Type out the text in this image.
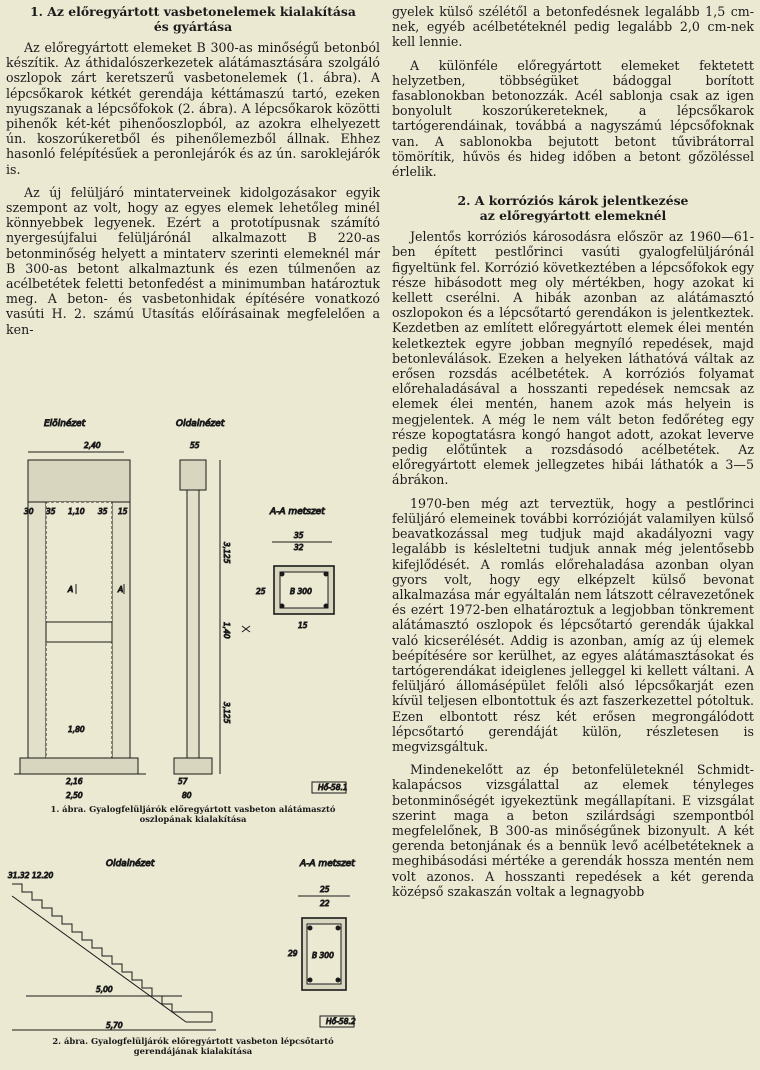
1. Az előregyártott vasbetonelemek kialakítása
és gyártása

Az előregyártott elemeket B 300-as minőségű betonból készítik. Az áthidalószerkezetek alátámasztására szolgáló oszlopok zárt keretszerű vasbetonelemek (1. ábra). A lépcsőkarok kétkét gerendája kéttámaszú tartó, ezeken nyugszanak a lépcsőfokok (2. ábra). A lépcsőkarok közötti pihenők két-két pihenőoszlopból, az azokra elhelyezett ún. koszorúkeretből és pihenőlemezből állnak. Ehhez hasonló felépítésűek a peronlejárók és az ún. saroklejárók is.

Az új felüljáró mintaterveinek kidolgozásakor egyik szempont az volt, hogy az egyes elemek lehetőleg minél könnyebbek legyenek. Ezért a prototípusnak számító nyergesújfalui felüljárónál alkalmazott B 220-as betonminőség helyett a mintaterv szerinti elemeknél már B 300-as betont alkalmaztunk és ezen túlmenően az acélbetétek feletti betonfedést a minimumban határoztuk meg. A beton- és vasbetonhidak építésére vonatkozó vasúti H. 2. számú Utasítás előírásainak megfelelően a ken-

Elölnézet
2,40
30 35 1,10 35 15
1,80
2,16
2,50
A	A
Oldalnézet
55
3,125
1,40
3,125
57
80
A-A metszet
35
32
B 300
25
15
Hő-58.1
1. ábra. Gyalogfelüljárók előregyártott vasbeton alátámasztó
oszlopának kialakítása
Oldalnézet
31.32 12.20
5,00
5,70
A-A metszet
25
22
B 300
29
Hő-58.2
2. ábra. Gyalogfelüljárók előregyártott vasbeton lépcsőtartó
gerendájának kialakítása

gyelek külső szélétől a betonfedésnek legalább 1,5 cm-nek, egyéb acélbetéteknél pedig legalább 2,0 cm-nek kell lennie.

A különféle előregyártott elemeket fektetett helyzetben, többségüket bádoggal borított fasablonokban betonozzák. Acél sablonja csak az igen bonyolult koszorúkereteknek, a lépcsőkarok tartógerendáinak, továbbá a nagyszámú lépcsőfoknak van. A sablonokba bejutott betont tűvibrátorral tömörítik, hűvös és hideg időben a betont gőzöléssel érlelik.

2. A korróziós károk jelentkezése
az előregyártott elemeknél

Jelentős korróziós károsodásra először az 1960—61-ben épített pestlőrinci vasúti gyalogfelüljárónál figyeltünk fel. Korrózió következtében a lépcsőfokok egy része hibásodott meg oly mértékben, hogy azokat ki kellett cserélni. A hibák azonban az alátámasztó oszlopokon és a lépcsőtartó gerendákon is jelentkeztek. Kezdetben az említett előregyártott elemek élei mentén keletkeztek egyre jobban megnyíló repedések, majd betonleválások. Ezeken a helyeken láthatóvá váltak az erősen rozsdás acélbetétek. A korróziós folyamat előrehaladásával a hosszanti repedések nemcsak az elemek élei mentén, hanem azok más helyein is megjelentek. A még le nem vált beton fedőréteg egy része kopogtatásra kongó hangot adott, azokat leverve pedig előtűntek a rozsdásodó acélbetétek. Az előregyártott elemek jellegzetes hibái láthatók a 3—5 ábrákon.

1970-ben még azt terveztük, hogy a pestlőrinci felüljáró elemeinek további korrózióját valamilyen külső beavatkozással meg tudjuk majd akadályozni vagy legalább is késleltetni tudjuk annak még jelentősebb kifejlődését. A romlás előrehaladása azonban olyan gyors volt, hogy egy elképzelt külső bevonat alkalmazása már egyáltalán nem látszott célravezetőnek és ezért 1972-ben elhatároztuk a legjobban tönkrement alátámasztó oszlopok és lépcsőtartó gerendák újakkal való kicserélését. Addig is azonban, amíg az új elemek beépítésére sor kerülhet, az egyes alátámasztásokat és tartógerendákat ideiglenes jelleggel ki kellett váltani. A felüljáró állomásépület felőli alsó lépcsőkarját ezen kívül teljesen elbontottuk és azt faszerkezettel pótoltuk. Ezen elbontott rész két erősen megrongálódott lépcsőtartó gerendáját külön, részletesen is megvizsgáltuk.

Mindenekelőtt az ép betonfelületeknél Schmidt-kalapácsos vizsgálattal az elemek tényleges betonminőségét igyekeztünk megállapítani. E vizsgálat szerint maga a beton szilárdsági szempontból megfelelőnek, B 300-as minőségűnek bizonyult. A két gerenda betonjának és a bennük levő acélbetéteknek a meghibásodási mértéke a gerendák hossza mentén nem volt azonos. A hosszanti repedések a két gerenda középső szakaszán voltak a legnagyobb
